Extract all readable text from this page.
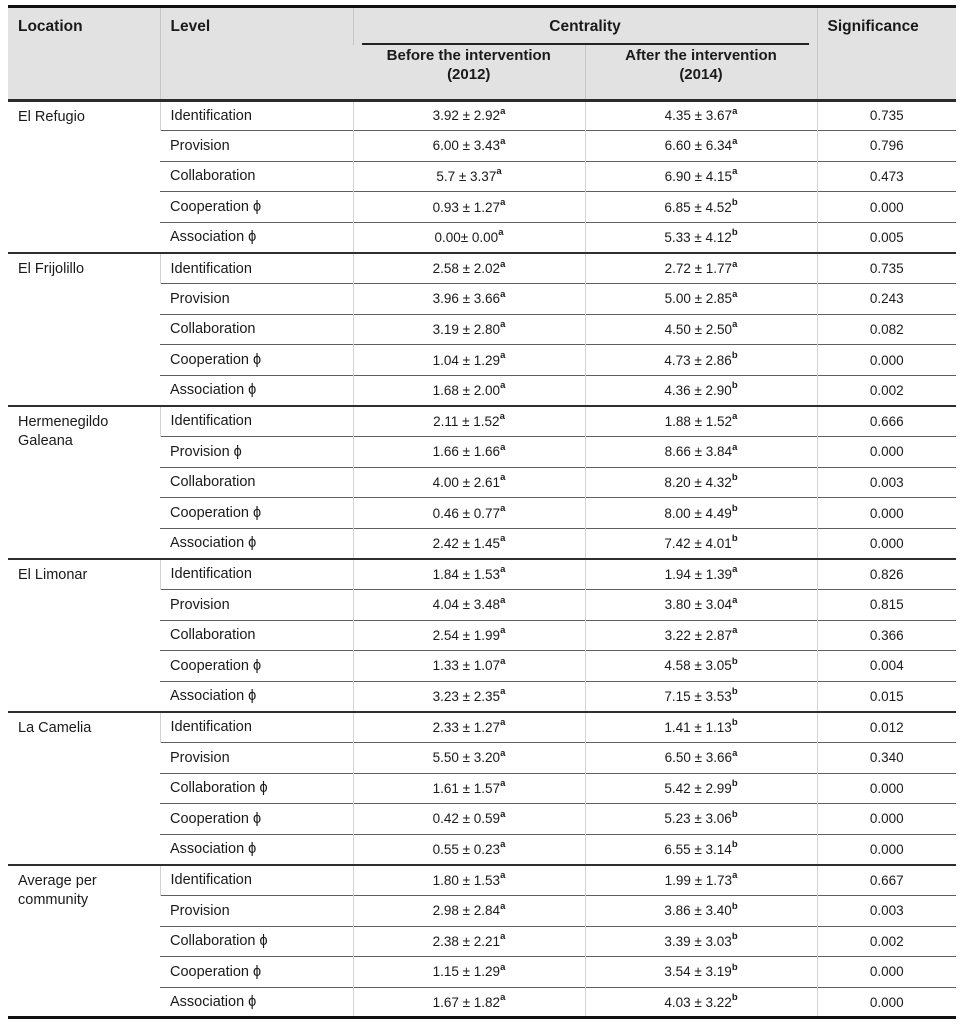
Location	Level	Centrality		Significance
		Before the intervention (2012)	After the intervention (2014)	
El Refugio	Identification	3.92 ± 2.92$^a$	4.35 ± 3.67$^a$	0.735
	Provision	6.00 ± 3.43$^a$	6.60 ± 6.34$^a$	0.796
	Collaboration	5.7 ± 3.37$^a$	6.90 ± 4.15$^a$	0.473
	Cooperation ϕ	0.93 ± 1.27$^a$	6.85 ± 4.52$^b$	0.000
	Association ϕ	0.00± 0.00$^a$	5.33 ± 4.12$^b$	0.005
El Frijolillo	Identification	2.58 ± 2.02$^a$	2.72 ± 1.77$^a$	0.735
	Provision	3.96 ± 3.66$^a$	5.00 ± 2.85$^a$	0.243
	Collaboration	3.19 ± 2.80$^a$	4.50 ± 2.50$^a$	0.082
	Cooperation ϕ	1.04 ± 1.29$^a$	4.73 ± 2.86$^b$	0.000
	Association ϕ	1.68 ± 2.00$^a$	4.36 ± 2.90$^b$	0.002
Hermenegildo Galeana	Identification	2.11 ± 1.52$^a$	1.88 ± 1.52$^a$	0.666
	Provision ϕ	1.66 ± 1.66$^a$	8.66 ± 3.84$^a$	0.000
	Collaboration	4.00 ± 2.61$^a$	8.20 ± 4.32$^b$	0.003
	Cooperation ϕ	0.46 ± 0.77$^a$	8.00 ± 4.49$^b$	0.000
	Association ϕ	2.42 ± 1.45$^a$	7.42 ± 4.01$^b$	0.000
El Limonar	Identification	1.84 ± 1.53$^a$	1.94 ± 1.39$^a$	0.826
	Provision	4.04 ± 3.48$^a$	3.80 ± 3.04$^a$	0.815
	Collaboration	2.54 ± 1.99$^a$	3.22 ± 2.87$^a$	0.366
	Cooperation ϕ	1.33 ± 1.07$^a$	4.58 ± 3.05$^b$	0.004
	Association ϕ	3.23 ± 2.35$^a$	7.15 ± 3.53$^b$	0.015
La Camelia	Identification	2.33 ± 1.27$^a$	1.41 ± 1.13$^b$	0.012
	Provision	5.50 ± 3.20$^a$	6.50 ± 3.66$^a$	0.340
	Collaboration ϕ	1.61 ± 1.57$^a$	5.42 ± 2.99$^b$	0.000
	Cooperation ϕ	0.42 ± 0.59$^a$	5.23 ± 3.06$^b$	0.000
	Association ϕ	0.55 ± 0.23$^a$	6.55 ± 3.14$^b$	0.000
Average per community	Identification	1.80 ± 1.53$^a$	1.99 ± 1.73$^a$	0.667
	Provision	2.98 ± 2.84$^a$	3.86 ± 3.40$^b$	0.003
	Collaboration ϕ	2.38 ± 2.21$^a$	3.39 ± 3.03$^b$	0.002
	Cooperation ϕ	1.15 ± 1.29$^a$	3.54 ± 3.19$^b$	0.000
	Association ϕ	1.67 ± 1.82$^a$	4.03 ± 3.22$^b$	0.000
